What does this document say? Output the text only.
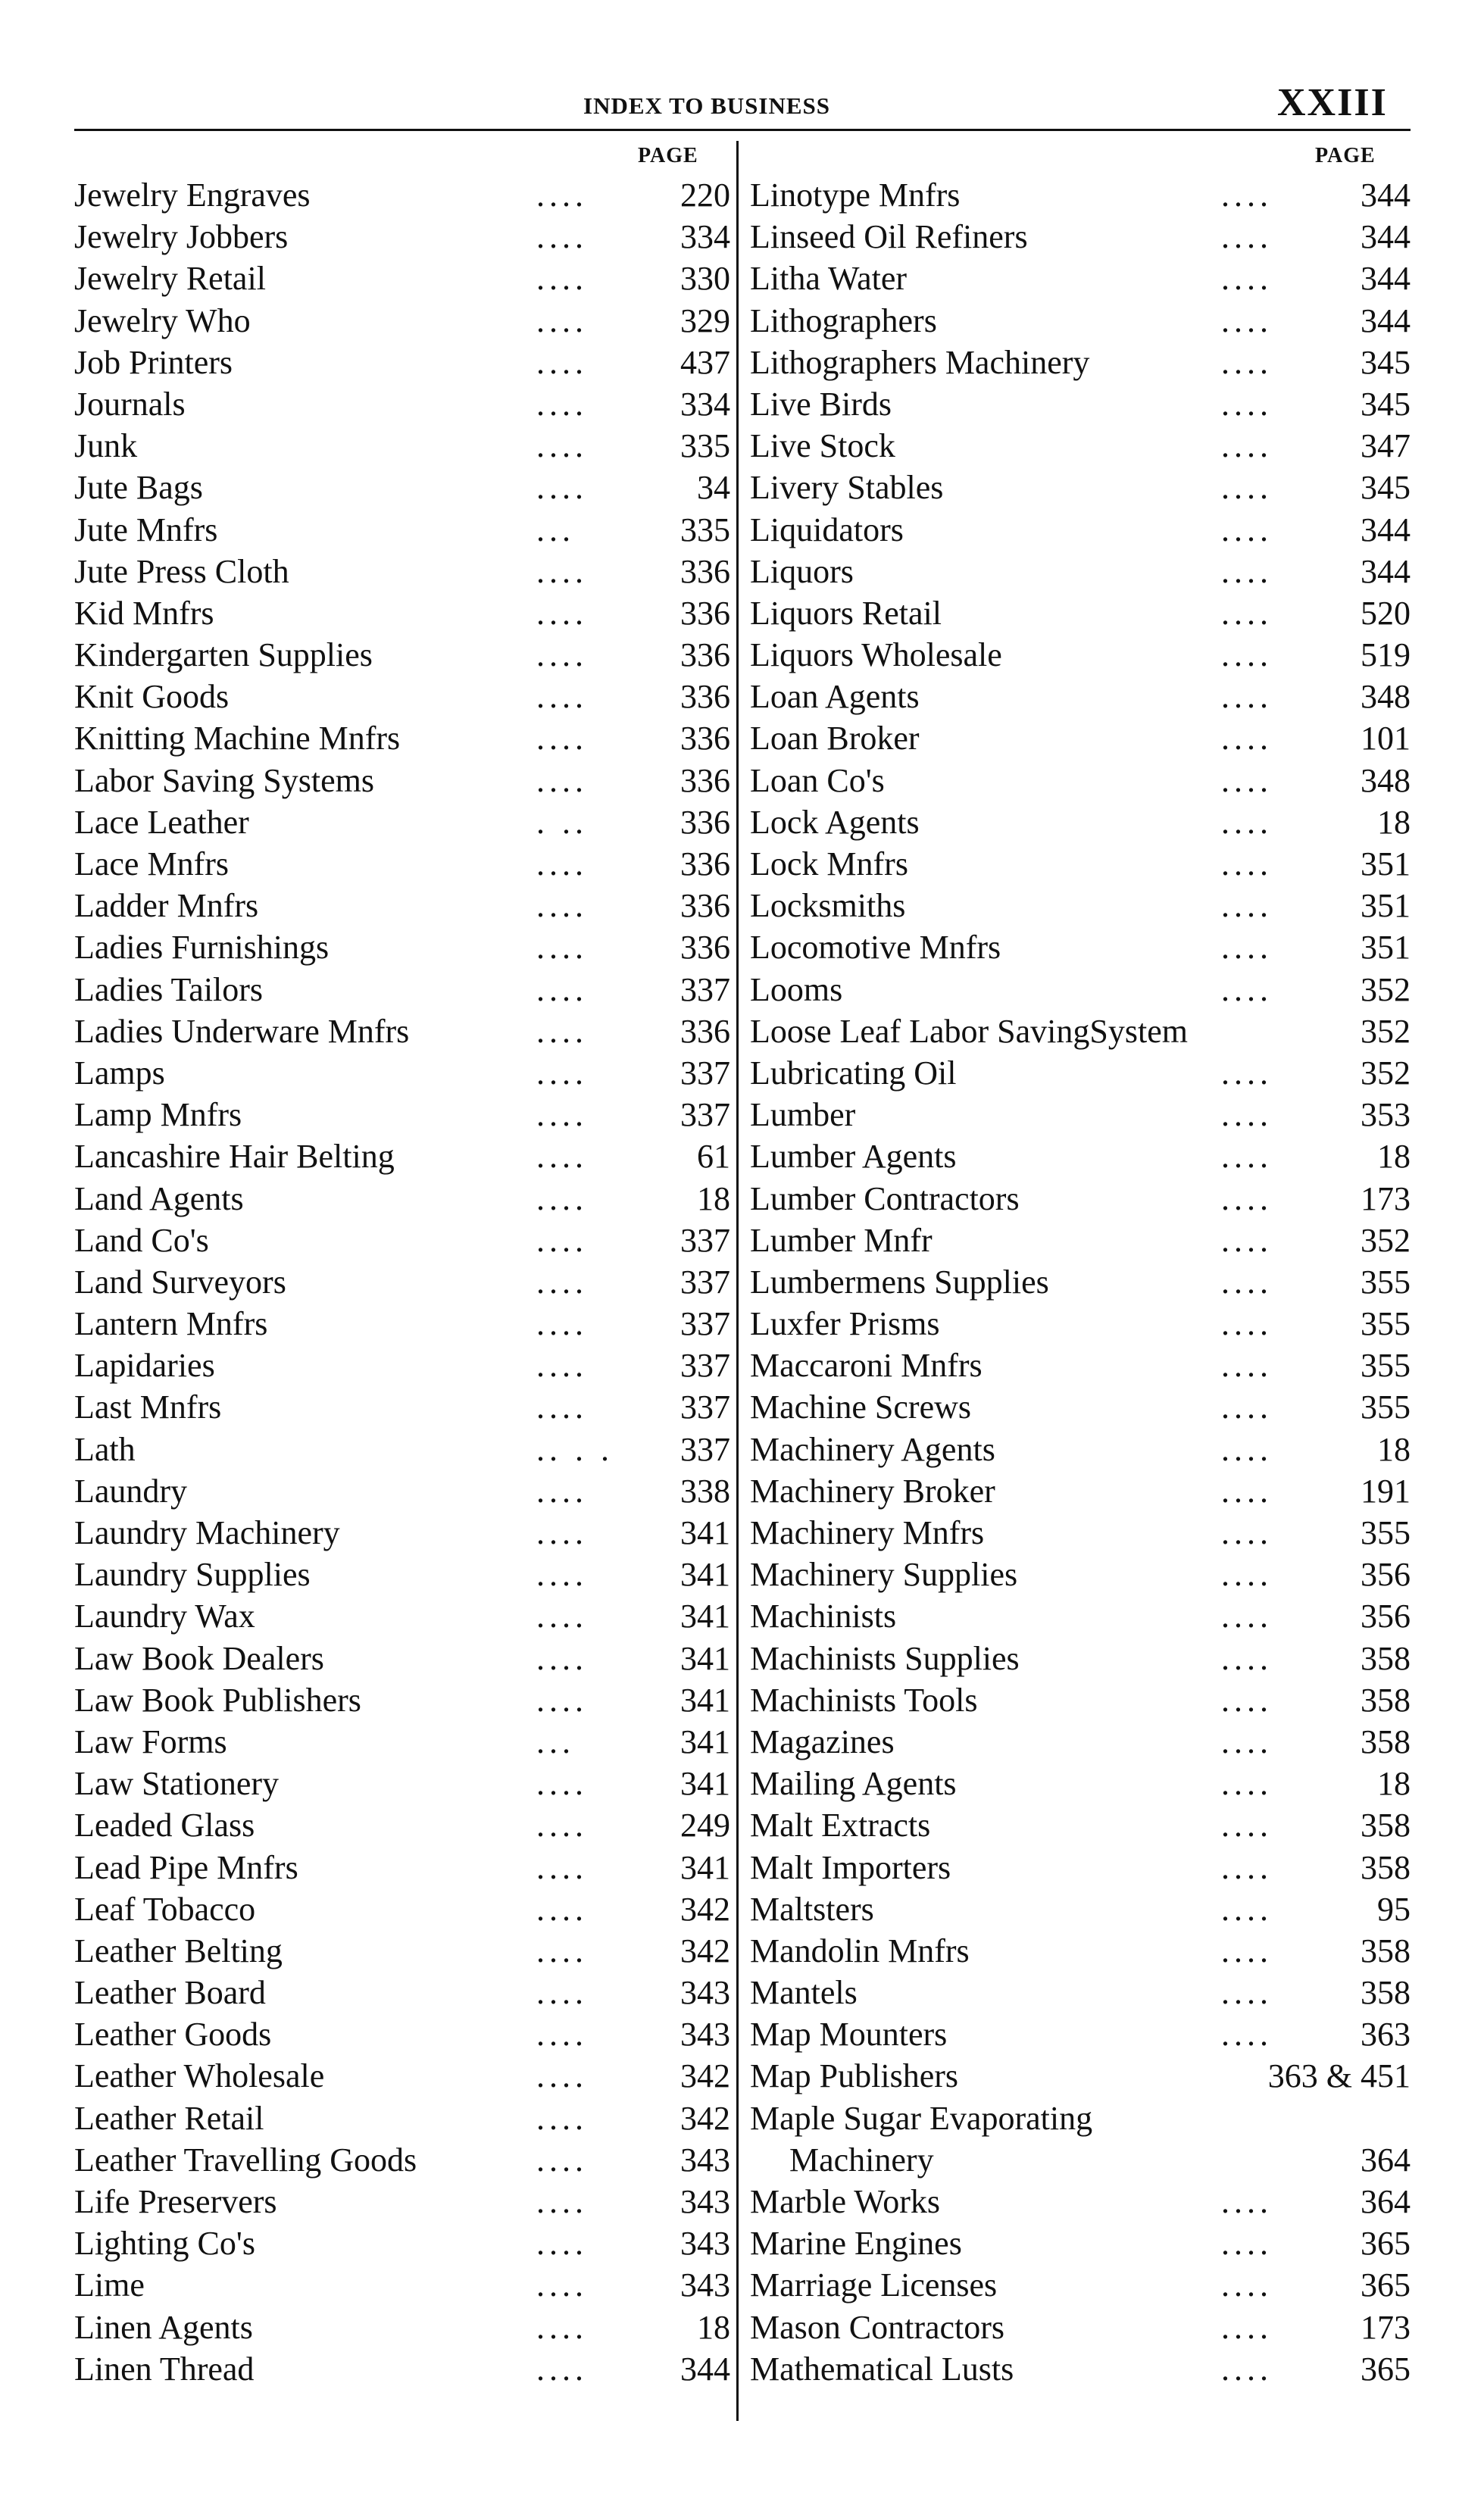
INDEX TO BUSINESS	XXIII
PAGE	PAGE
Jewelry Engraves	....	220
Jewelry Jobbers	....	334
Jewelry Retail	....	330
Jewelry Who	....	329
Job Printers	....	437
Journals	....	334
Junk	....	335
Jute Bags	....	34
Jute Mnfrs	...	335
Jute Press Cloth	....	336
Kid Mnfrs	....	336
Kindergarten Supplies	....	336
Knit Goods	....	336
Knitting Machine Mnfrs	....	336
Labor Saving Systems	....	336
Lace Leather	. ..	336
Lace Mnfrs	....	336
Ladder Mnfrs	....	336
Ladies Furnishings	....	336
Ladies Tailors	....	337
Ladies Underware Mnfrs	....	336
Lamps	....	337
Lamp Mnfrs	....	337
Lancashire Hair Belting	....	61
Land Agents	....	18
Land Co's	....	337
Land Surveyors	....	337
Lantern Mnfrs	....	337
Lapidaries	....	337
Last Mnfrs	....	337
Lath	.. . . 337
Laundry	....	338
Laundry Machinery	....	341
Laundry Supplies	....	341
Laundry Wax	....	341
Law Book Dealers	....	341
Law Book Publishers	....	341
Law Forms	...	341
Law Stationery	....	341
Leaded Glass	....	249
Lead Pipe Mnfrs	....	341
Leaf Tobacco	....	342
Leather Belting	....	342
Leather Board	....	343
Leather Goods	....	343
Leather Wholesale	....	342
Leather Retail	....	342
Leather Travelling Goods	....	343
Life Preservers	....	343
Lighting Co's	....	343
Lime	....	343
Linen Agents	....	18
Linen Thread	....	344
Linotype Mnfrs	....	344
Linseed Oil Refiners	....	344
Litha Water	....	344
Lithographers	....	344
Lithographers Machinery	....	345
Live Birds	....	345
Live Stock	....	347
Livery Stables	....	345
Liquidators	....	344
Liquors	....	344
Liquors Retail	....	520
Liquors Wholesale	....	519
Loan Agents	....	348
Loan Broker	....	101
Loan Co's	....	348
Lock Agents	....	18
Lock Mnfrs	....	351
Locksmiths	....	351
Locomotive Mnfrs	....	351
Looms	....	352
Loose Leaf Labor SavingSystem	352
Lubricating Oil	....	352
Lumber	....	353
Lumber Agents	....	18
Lumber Contractors	....	173
Lumber Mnfr	....	352
Lumbermens Supplies	....	355
Luxfer Prisms	....	355
Maccaroni Mnfrs	....	355
Machine Screws	....	355
Machinery Agents	....	18
Machinery Broker	....	191
Machinery Mnfrs	....	355
Machinery Supplies	....	356
Machinists	....	356
Machinists Supplies	....	358
Machinists Tools	....	358
Magazines	....	358
Mailing Agents	....	18
Malt Extracts	....	358
Malt Importers	....	358
Maltsters	....	95
Mandolin Mnfrs	....	358
Mantels	....	358
Map Mounters	....	363
Map Publishers	363 & 451
Maple Sugar Evaporating
Machinery	364
Marble Works	....	364
Marine Engines	....	365
Marriage Licenses	....	365
Mason Contractors	....	173
Mathematical Lusts	....	365
